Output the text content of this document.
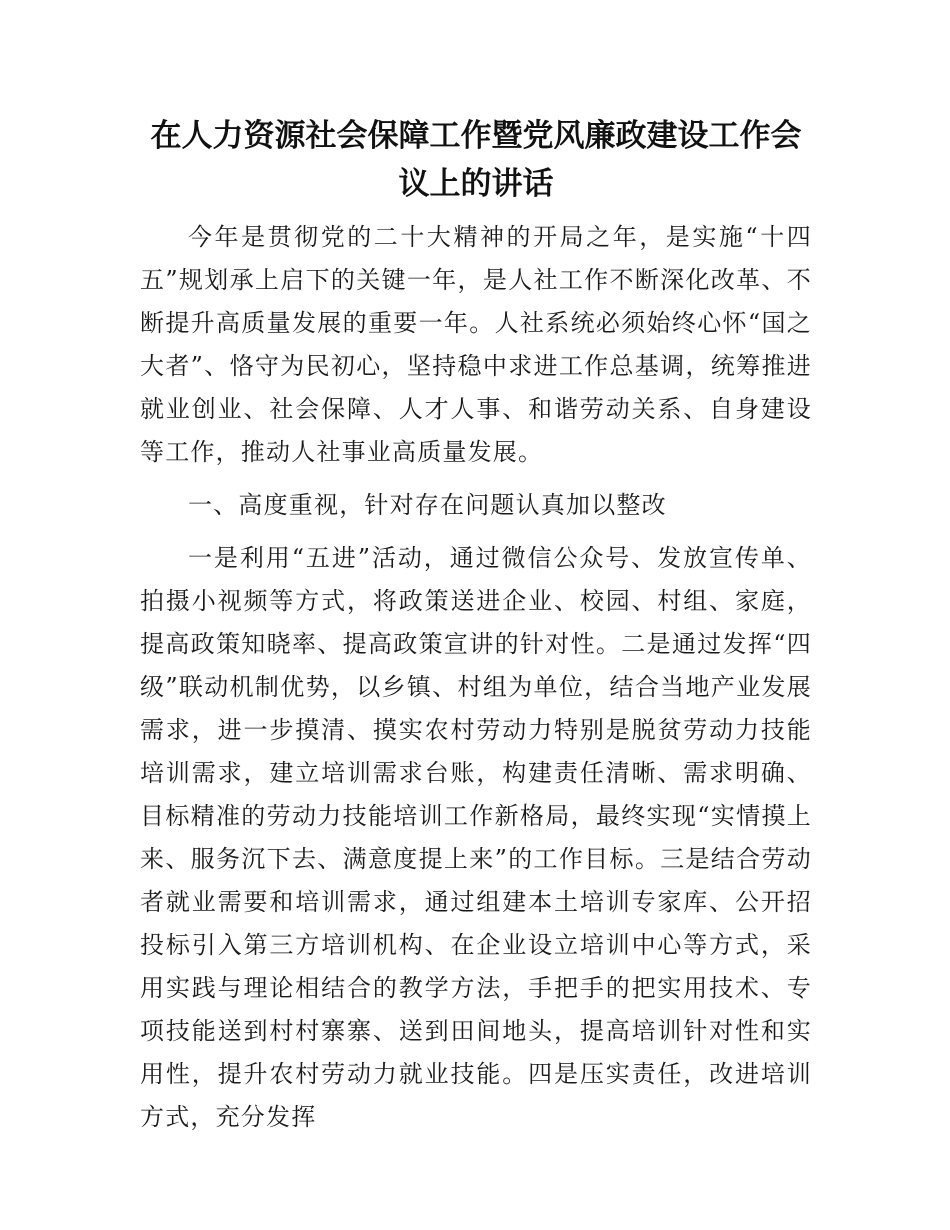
在人力资源社会保障工作暨党风廉政建设工作会议上的讲话

今年是贯彻党的二十大精神的开局之年，是实施“十四五”规划承上启下的关键一年，是人社工作不断深化改革、不断提升高质量发展的重要一年。人社系统必须始终心怀“国之大者”、恪守为民初心，坚持稳中求进工作总基调，统筹推进就业创业、社会保障、人才人事、和谐劳动关系、自身建设等工作，推动人社事业高质量发展。

一、高度重视，针对存在问题认真加以整改

一是利用“五进”活动，通过微信公众号、发放宣传单、拍摄小视频等方式，将政策送进企业、校园、村组、家庭，提高政策知晓率、提高政策宣讲的针对性。二是通过发挥“四级”联动机制优势，以乡镇、村组为单位，结合当地产业发展需求，进一步摸清、摸实农村劳动力特别是脱贫劳动力技能培训需求，建立培训需求台账，构建责任清晰、需求明确、目标精准的劳动力技能培训工作新格局，最终实现“实情摸上来、服务沉下去、满意度提上来”的工作目标。三是结合劳动者就业需要和培训需求，通过组建本土培训专家库、公开招投标引入第三方培训机构、在企业设立培训中心等方式，采用实践与理论相结合的教学方法，手把手的把实用技术、专项技能送到村村寨寨、送到田间地头，提高培训针对性和实用性，提升农村劳动力就业技能。四是压实责任，改进培训方式，充分发挥
